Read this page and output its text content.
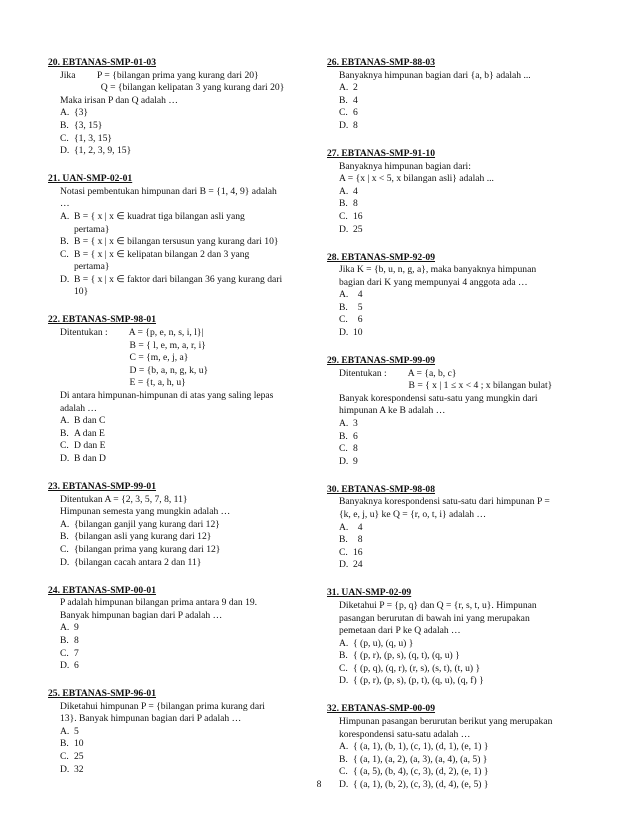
20. EBTANAS-SMP-01-03
Jika         P = {bilangan prima yang kurang dari 20}
Q = {bilangan kelipatan 3 yang kurang dari 20}
Maka irisan P dan Q adalah …
A. {3}
B. {3, 15}
C. {1, 3, 15}
D. {1, 2, 3, 9, 15}
21. UAN-SMP-02-01
Notasi pembentukan himpunan dari B = {1, 4, 9} adalah
…
A. B = { x | x ∈ kuadrat tiga bilangan asli yang
pertama}
B. B = { x | x ∈ bilangan tersusun yang kurang dari 10}
C. B = { x | x ∈ kelipatan bilangan 2 dan 3 yang
pertama}
D. B = { x | x ∈ faktor dari bilangan 36 yang kurang dari
10}
22. EBTANAS-SMP-98-01
Ditentukan :         A = {p, e, n, s, i, l}|
B = { l, e, m, a, r, i}
C = {m, e, j, a}
D = {b, a, n, g, k, u}
E = {t, a, h, u}
Di antara himpunan-himpunan di atas yang saling lepas
adalah …
A. B dan C
B. A dan E
C. D dan E
D. B dan D
23. EBTANAS-SMP-99-01
Ditentukan A = {2, 3, 5, 7, 8, 11}
Himpunan semesta yang mungkin adalah …
A. {bilangan ganjil yang kurang dari 12}
B. {bilangan asli yang kurang dari 12}
C. {bilangan prima yang kurang dari 12}
D. {bilangan cacah antara 2 dan 11}
24. EBTANAS-SMP-00-01
P adalah himpunan bilangan prima antara 9 dan 19.
Banyak himpunan bagian dari P adalah …
A. 9
B. 8
C. 7
D. 6
25. EBTANAS-SMP-96-01
Diketahui himpunan P = {bilangan prima kurang dari
13}. Banyak himpunan bagian dari P adalah …
A. 5
B. 10
C. 25
D. 32
26. EBTANAS-SMP-88-03
Banyaknya himpunan bagian dari {a, b} adalah ...
A. 2
B. 4
C. 6
D. 8
27. EBTANAS-SMP-91-10
Banyaknya himpunan bagian dari:
A = {x | x < 5, x bilangan asli} adalah ...
A. 4
B. 8
C. 16
D. 25
28. EBTANAS-SMP-92-09
Jika K = {b, u, n, g, a}, maka banyaknya himpunan
bagian dari K yang mempunyai 4 anggota ada …
A. 4
B. 5
C. 6
D. 10
29. EBTANAS-SMP-99-09
Ditentukan :         A = {a, b, c}
B = { x | 1 ≤ x < 4 ; x bilangan bulat}
Banyak korespondensi satu-satu yang mungkin dari
himpunan A ke B adalah …
A. 3
B. 6
C. 8
D. 9
30. EBTANAS-SMP-98-08
Banyaknya korespondensi satu-satu dari himpunan P =
{k, e, j, u} ke Q = {r, o, t, i} adalah …
A. 4
B. 8
C. 16
D. 24
31. UAN-SMP-02-09
Diketahui P = {p, q} dan Q = {r, s, t, u}. Himpunan
pasangan berurutan di bawah ini yang merupakan
pemetaan dari P ke Q adalah …
A. { (p, u), (q, u) }
B. { (p, r), (p, s), (q, t), (q, u) }
C. { (p, q), (q, r), (r, s), (s, t), (t, u) }
D. { (p, r), (p, s), (p, t), (q, u), (q, f) }
32. EBTANAS-SMP-00-09
Himpunan pasangan berurutan berikut yang merupakan
korespondensi satu-satu adalah …
A. { (a, 1), (b, 1), (c, 1), (d, 1), (e, 1) }
B. { (a, 1), (a, 2), (a, 3), (a, 4), (a, 5) }
C. { (a, 5), (b, 4), (c, 3), (d, 2), (e, 1) }
D. { (a, 1), (b, 2), (c, 3), (d, 4), (e, 5) }
8
